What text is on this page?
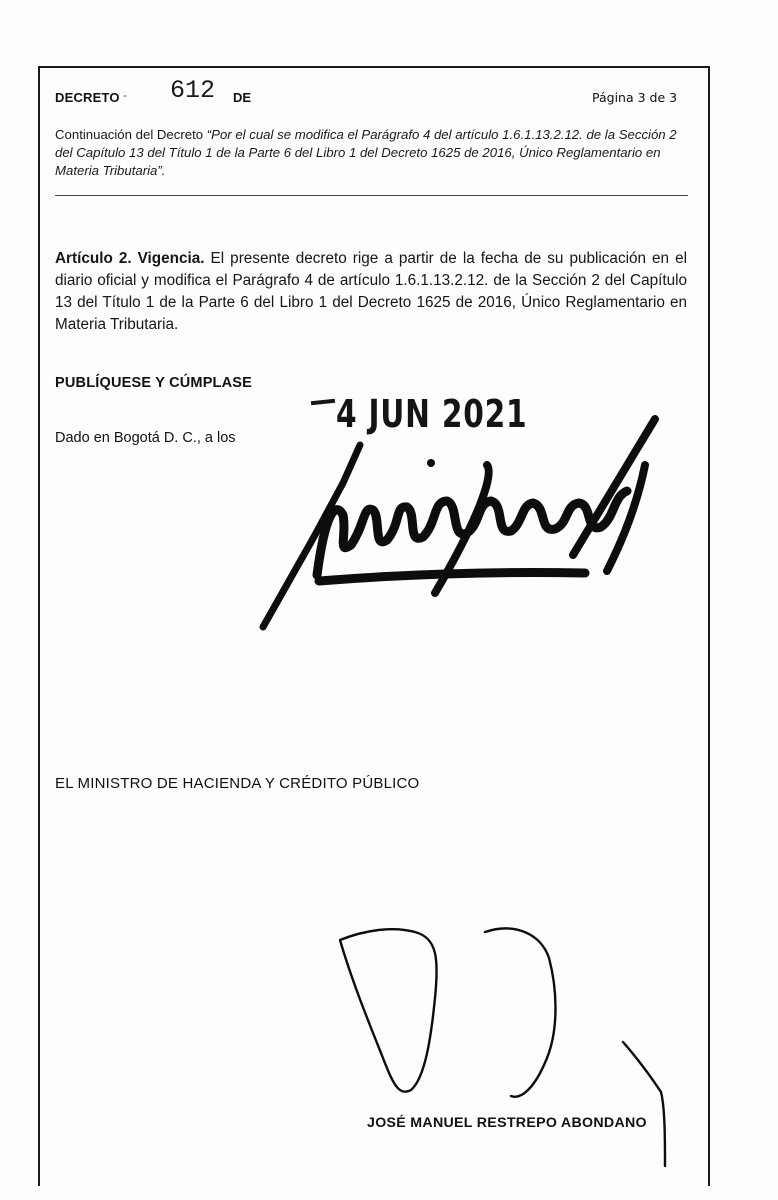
DECRETO - 612 DE	Página 3 de 3
Continuación del Decreto “Por el cual se modifica el Parágrafo 4 del artículo 1.6.1.13.2.12. de la Sección 2 del Capítulo 13 del Título 1 de la Parte 6 del Libro 1 del Decreto 1625 de 2016, Único Reglamentario en Materia Tributaria”.
Artículo 2. Vigencia. El presente decreto rige a partir de la fecha de su publicación en el diario oficial y modifica el Parágrafo 4 de artículo 1.6.1.13.2.12. de la Sección 2 del Capítulo 13 del Título 1 de la Parte 6 del Libro 1 del Decreto 1625 de 2016, Único Reglamentario en Materia Tributaria.
PUBLÍQUESE Y CÚMPLASE
Dado en Bogotá D. C., a los
4 JUN 2021
EL MINISTRO DE HACIENDA Y CRÉDITO PÚBLICO
JOSÉ MANUEL RESTREPO ABONDANO
